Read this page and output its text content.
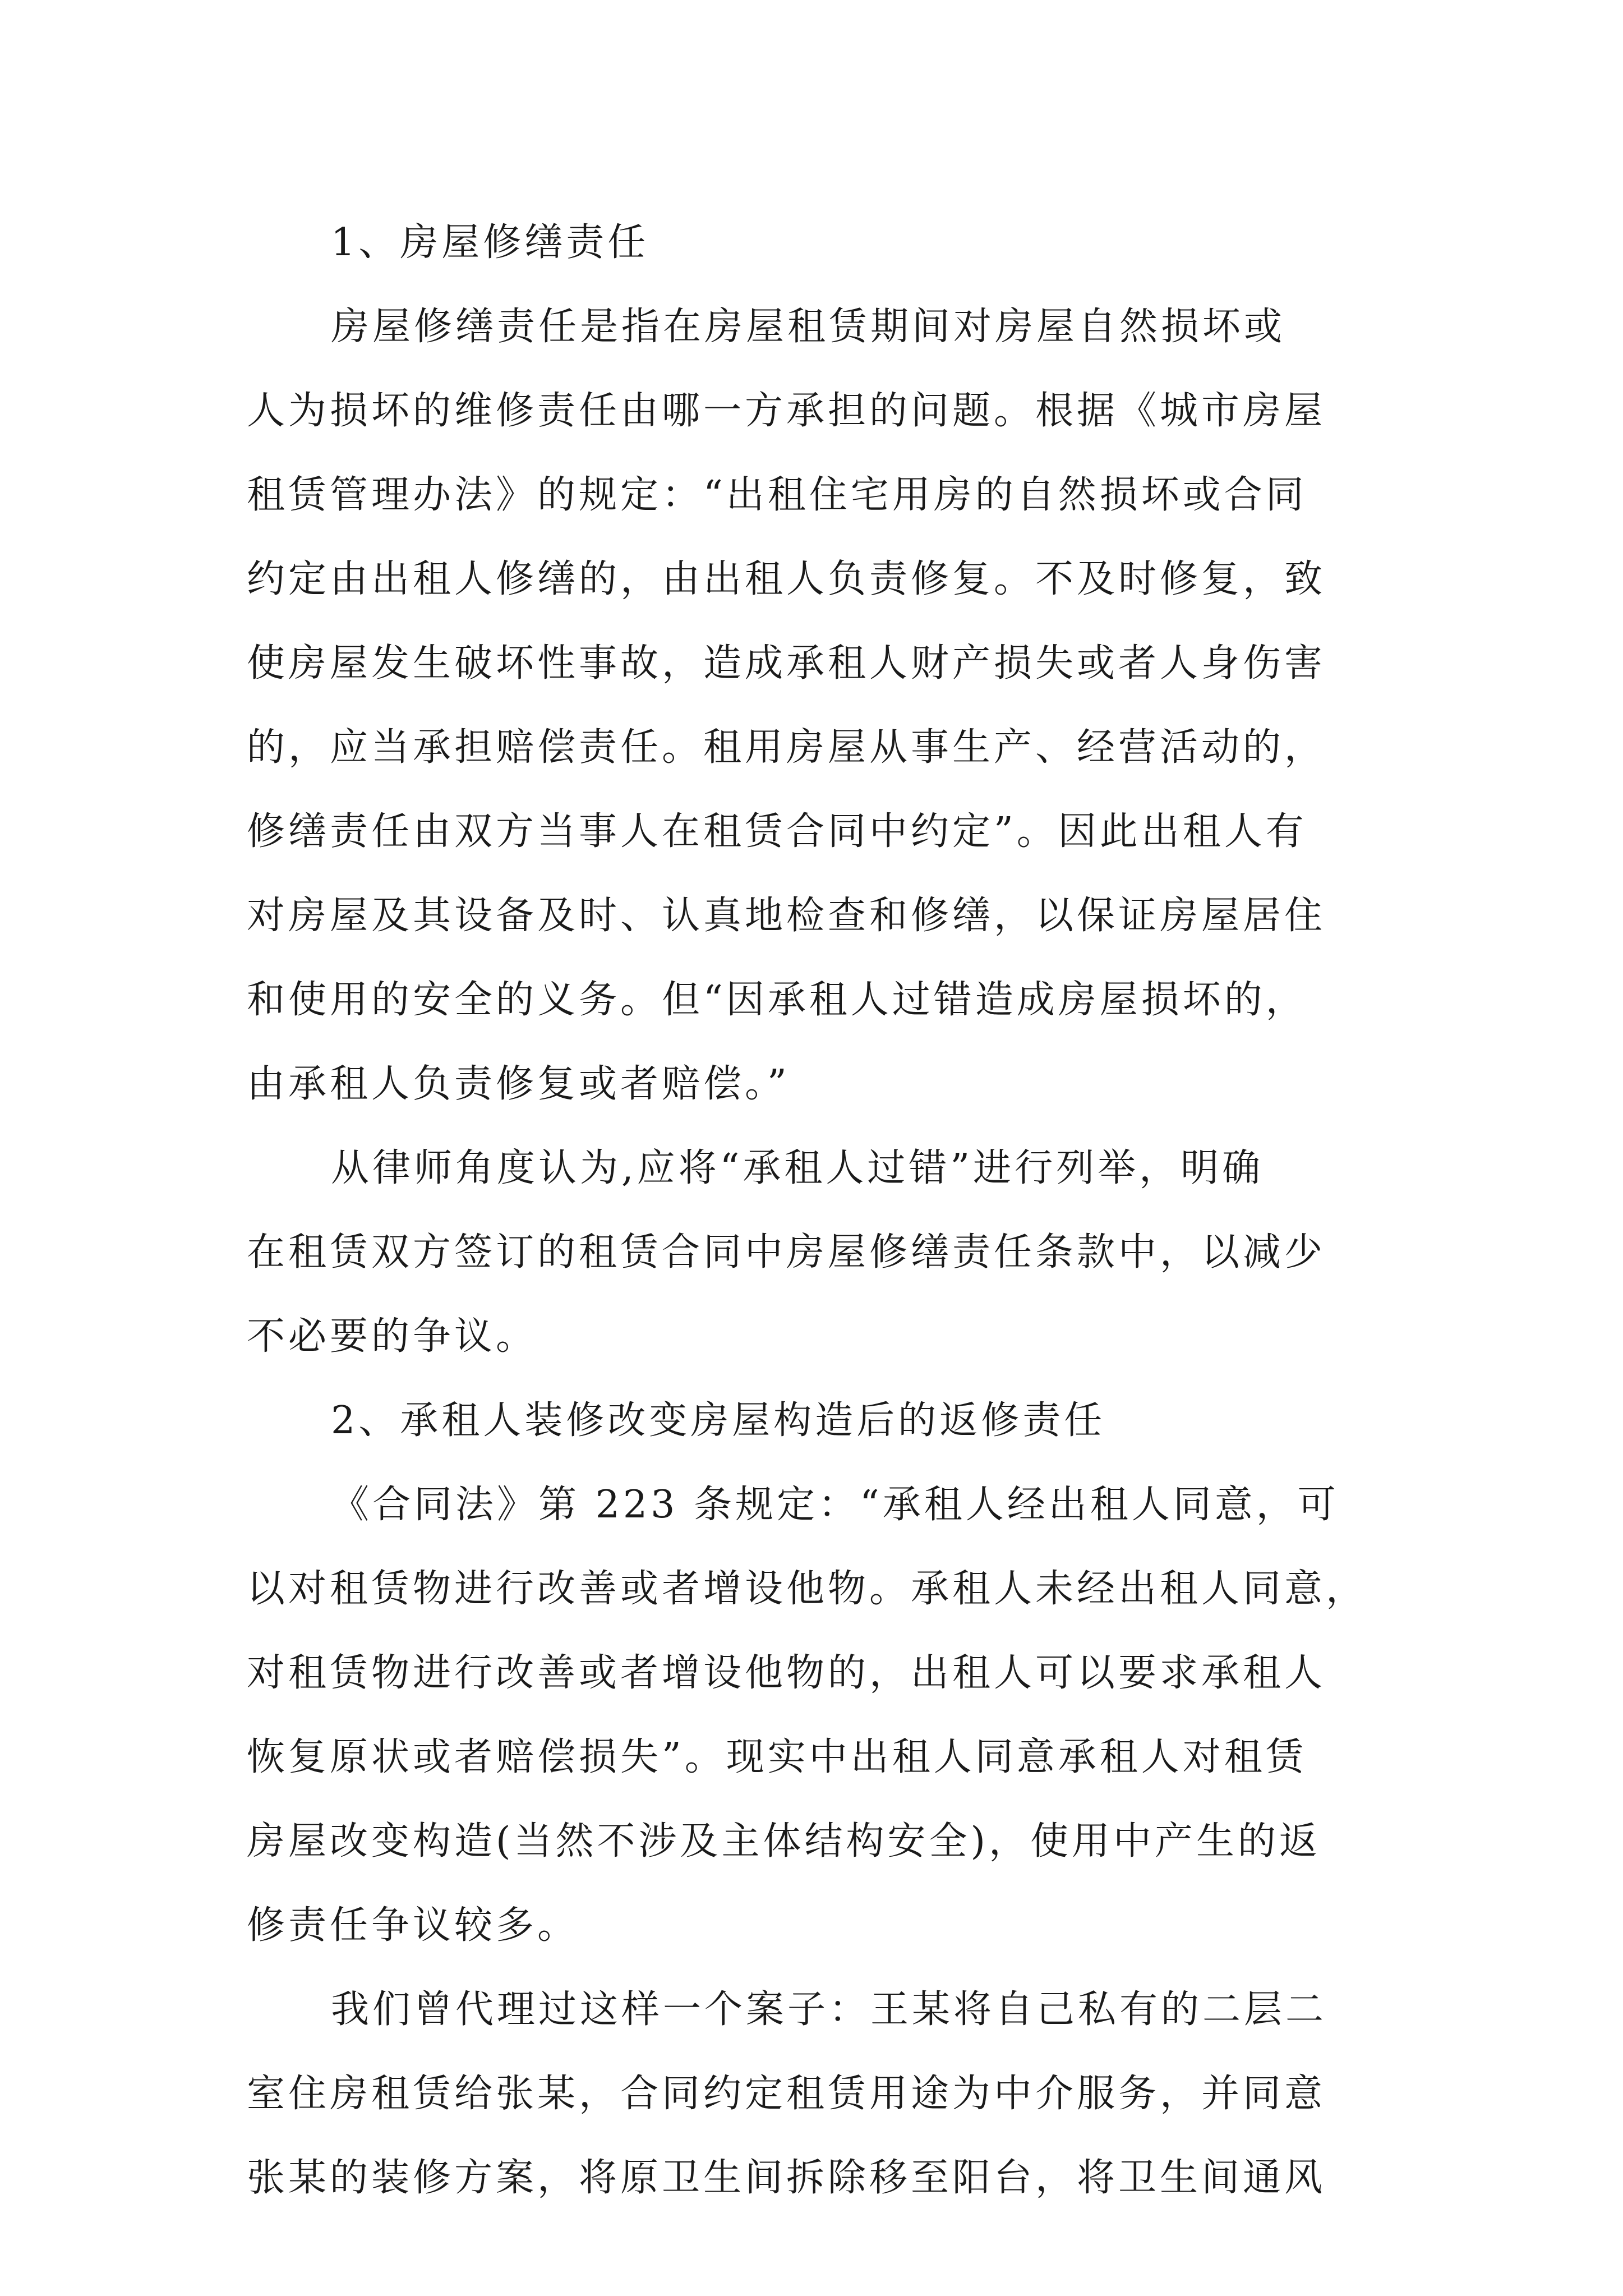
1、房屋修缮责任
房屋修缮责任是指在房屋租赁期间对房屋自然损坏或
人为损坏的维修责任由哪一方承担的问题。根据《城市房屋
租赁管理办法》的规定：“出租住宅用房的自然损坏或合同
约定由出租人修缮的，由出租人负责修复。不及时修复，致
使房屋发生破坏性事故，造成承租人财产损失或者人身伤害
的，应当承担赔偿责任。租用房屋从事生产、经营活动的，
修缮责任由双方当事人在租赁合同中约定”。因此出租人有
对房屋及其设备及时、认真地检查和修缮，以保证房屋居住
和使用的安全的义务。但“因承租人过错造成房屋损坏的，
由承租人负责修复或者赔偿。”
从律师角度认为,应将“承租人过错”进行列举，明确
在租赁双方签订的租赁合同中房屋修缮责任条款中，以减少
不必要的争议。
2、承租人装修改变房屋构造后的返修责任
《合同法》第 223 条规定：“承租人经出租人同意，可
以对租赁物进行改善或者增设他物。承租人未经出租人同意，
对租赁物进行改善或者增设他物的，出租人可以要求承租人
恢复原状或者赔偿损失”。现实中出租人同意承租人对租赁
房屋改变构造(当然不涉及主体结构安全)，使用中产生的返
修责任争议较多。
我们曾代理过这样一个案子：王某将自己私有的二层二
室住房租赁给张某，合同约定租赁用途为中介服务，并同意
张某的装修方案，将原卫生间拆除移至阳台，将卫生间通风
